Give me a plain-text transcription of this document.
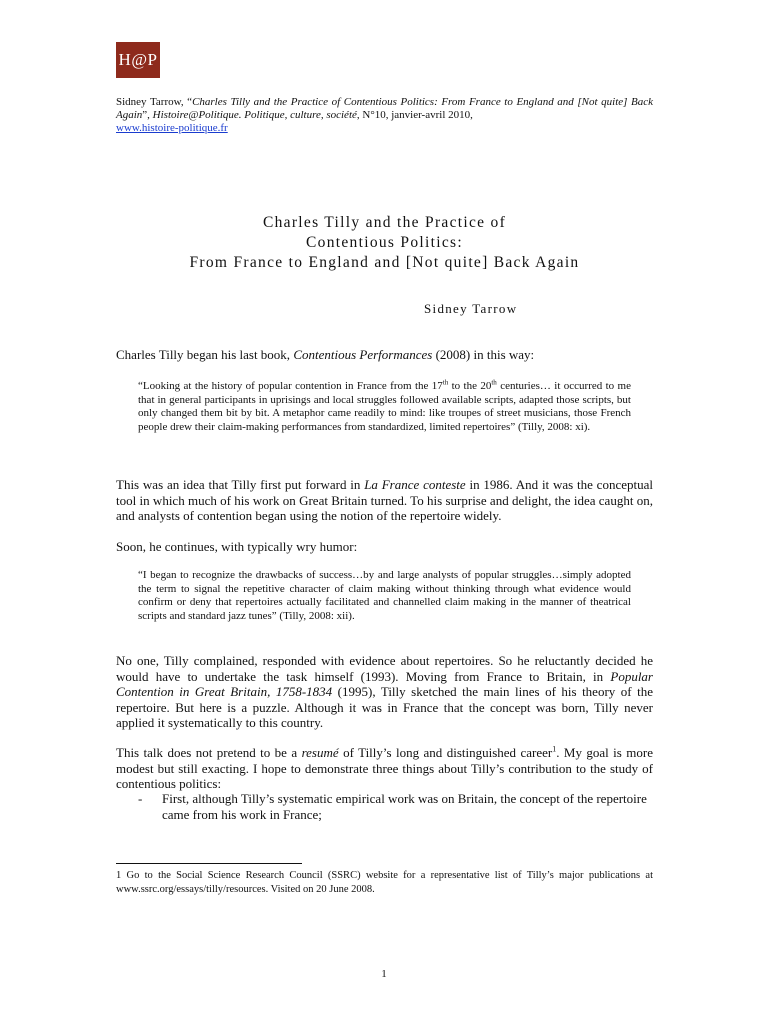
H@P
Sidney Tarrow, “Charles Tilly and the Practice of Contentious Politics: From France to England and [Not quite] Back Again”, Histoire@Politique. Politique, culture, société, N°10, janvier-avril 2010,
www.histoire-politique.fr
Charles Tilly and the Practice of
Contentious Politics:
From France to England and [Not quite] Back Again
Sidney Tarrow

Charles Tilly began his last book, Contentious Performances (2008) in this way:

“Looking at the history of popular contention in France from the 17th to the 20th centuries… it occurred to me that in general participants in uprisings and local struggles followed available scripts, adapted those scripts, but only changed them bit by bit. A metaphor came readily to mind: like troupes of street musicians, those French people drew their claim-making performances from standardized, limited repertoires” (Tilly, 2008: xi).

This was an idea that Tilly first put forward in La France conteste in 1986. And it was the conceptual tool in which much of his work on Great Britain turned. To his surprise and delight, the idea caught on, and analysts of contention began using the notion of the repertoire widely.

Soon, he continues, with typically wry humor:

“I began to recognize the drawbacks of success…by and large analysts of popular struggles…simply adopted the term to signal the repetitive character of claim making without thinking through what evidence would confirm or deny that repertoires actually facilitated and channelled claim making in the manner of theatrical scripts and standard jazz tunes” (Tilly, 2008: xii).

No one, Tilly complained, responded with evidence about repertoires. So he reluctantly decided he would have to undertake the task himself (1993). Moving from France to Britain, in Popular Contention in Great Britain, 1758-1834 (1995), Tilly sketched the main lines of his theory of the repertoire. But here is a puzzle. Although it was in France that the concept was born, Tilly never applied it systematically to this country.

This talk does not pretend to be a resumé of Tilly’s long and distinguished career$^1$. My goal is more modest but still exacting. I hope to demonstrate three things about Tilly’s contribution to the study of contentious politics:

- First, although Tilly’s systematic empirical work was on Britain, the concept of the repertoire came from his work in France;

1 Go to the Social Science Research Council (SSRC) website for a representative list of Tilly’s major publications at www.ssrc.org/essays/tilly/resources. Visited on 20 June 2008.

1
